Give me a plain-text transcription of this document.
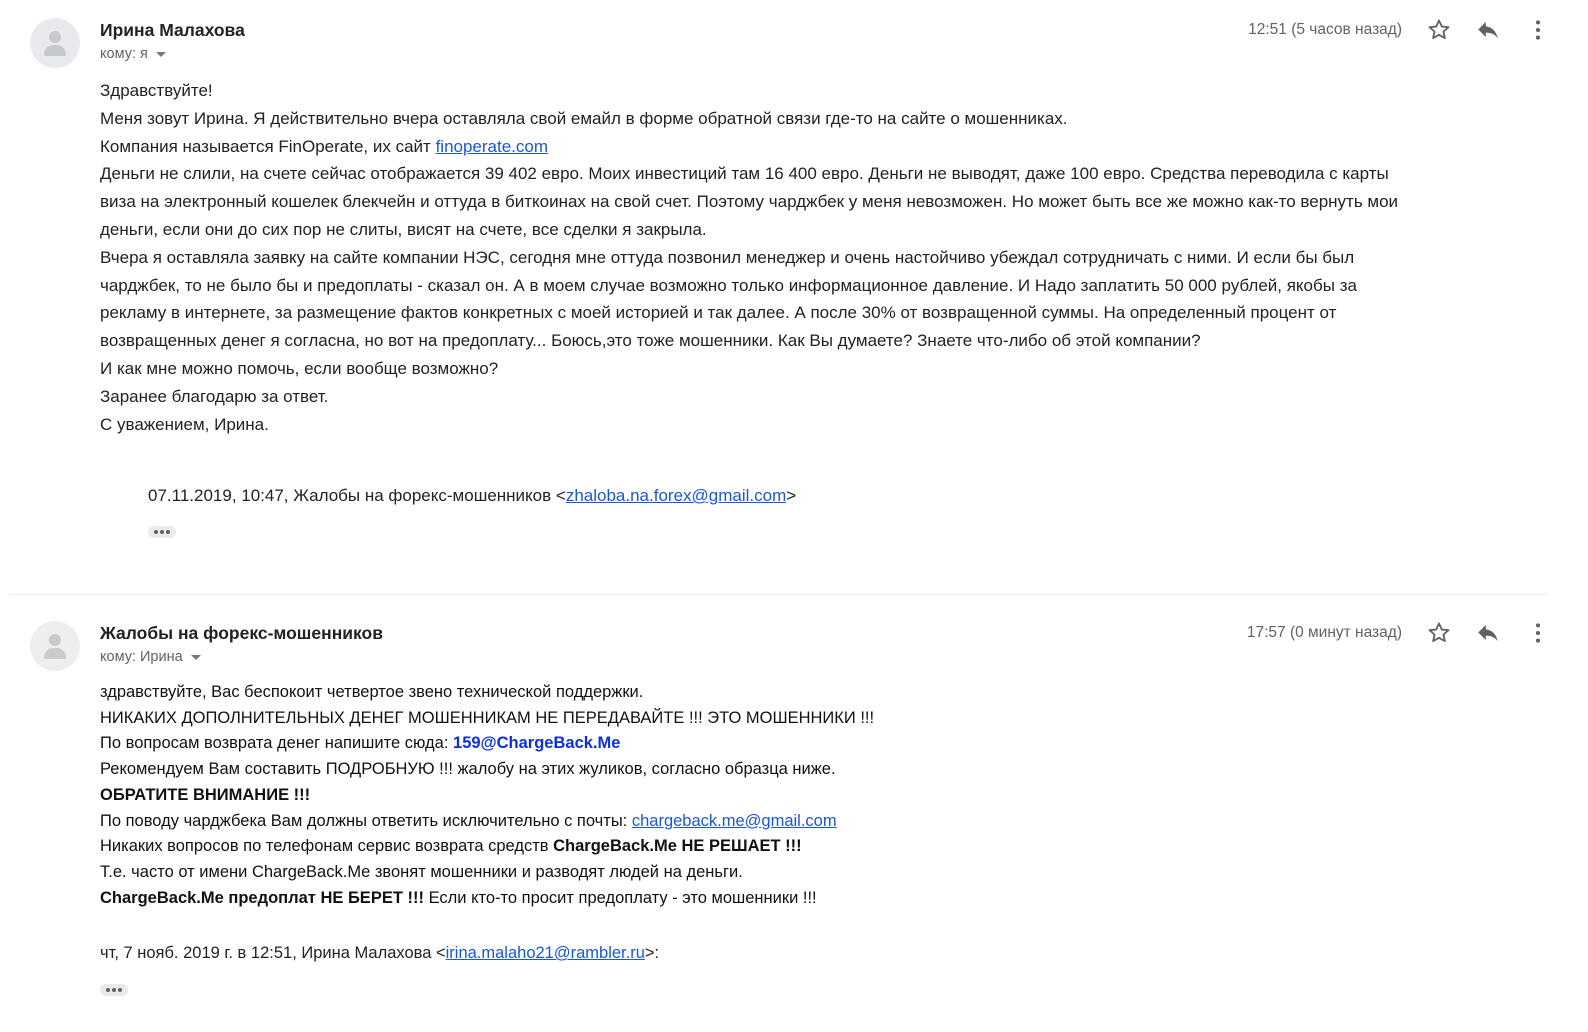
Ирина Малахова
кому: я
12:51 (5 часов назад)

Здравствуйте!

Меня зовут Ирина. Я действительно вчера оставляла свой емайл в форме обратной связи где-то на сайте о мошенниках.

Компания называется FinOperate, их сайт finoperate.com

Деньги не слили, на счете сейчас отображается 39 402 евро. Моих инвестиций там 16 400 евро. Деньги не выводят, даже 100 евро. Средства переводила с карты

виза на электронный кошелек блекчейн и оттуда в биткоинах на свой счет. Поэтому чарджбек у меня невозможен. Но может быть все же можно как-то вернуть мои

деньги, если они до сих пор не слиты, висят на счете, все сделки я закрыла.

Вчера я оставляла заявку на сайте компании НЭС, сегодня мне оттуда позвонил менеджер и очень настойчиво убеждал сотрудничать с ними. И если бы был

чарджбек, то не было бы и предоплаты - сказал он. А в моем случае возможно только информационное давление. И Надо заплатить 50 000 рублей, якобы за

рекламу в интернете, за размещение фактов конкретных с моей историей и так далее. А после 30% от возвращенной суммы. На определенный процент от

возвращенных денег я согласна, но вот на предоплату... Боюсь,это тоже мошенники. Как Вы думаете? Знаете что-либо об этой компании?

И как мне можно помочь, если вообще возможно?

Заранее благодарю за ответ.

С уважением, Ирина.

07.11.2019, 10:47, Жалобы на форекс-мошенников <zhaloba.na.forex@gmail.com>
Жалобы на форекс-мошенников
кому: Ирина
17:57 (0 минут назад)

здравствуйте, Вас беспокоит четвертое звено технической поддержки.

НИКАКИХ ДОПОЛНИТЕЛЬНЫХ ДЕНЕГ МОШЕННИКАМ НЕ ПЕРЕДАВАЙТЕ !!! ЭТО МОШЕННИКИ !!!

По вопросам возврата денег напишите сюда: 159@ChargeBack.Me

Рекомендуем Вам составить ПОДРОБНУЮ !!! жалобу на этих жуликов, согласно образца ниже.

ОБРАТИТЕ ВНИМАНИЕ !!!

По поводу чарджбека Вам должны ответить исключительно с почты: chargeback.me@gmail.com

Никаких вопросов по телефонам сервис возврата средств ChargeBack.Me НЕ РЕШАЕТ !!!

Т.е. часто от имени ChargeBack.Me звонят мошенники и разводят людей на деньги.

ChargeBack.Me предоплат НЕ БЕРЕТ !!! Если кто-то просит предоплату - это мошенники !!!

чт, 7 нояб. 2019 г. в 12:51, Ирина Малахова <irina.malaho21@rambler.ru>:
